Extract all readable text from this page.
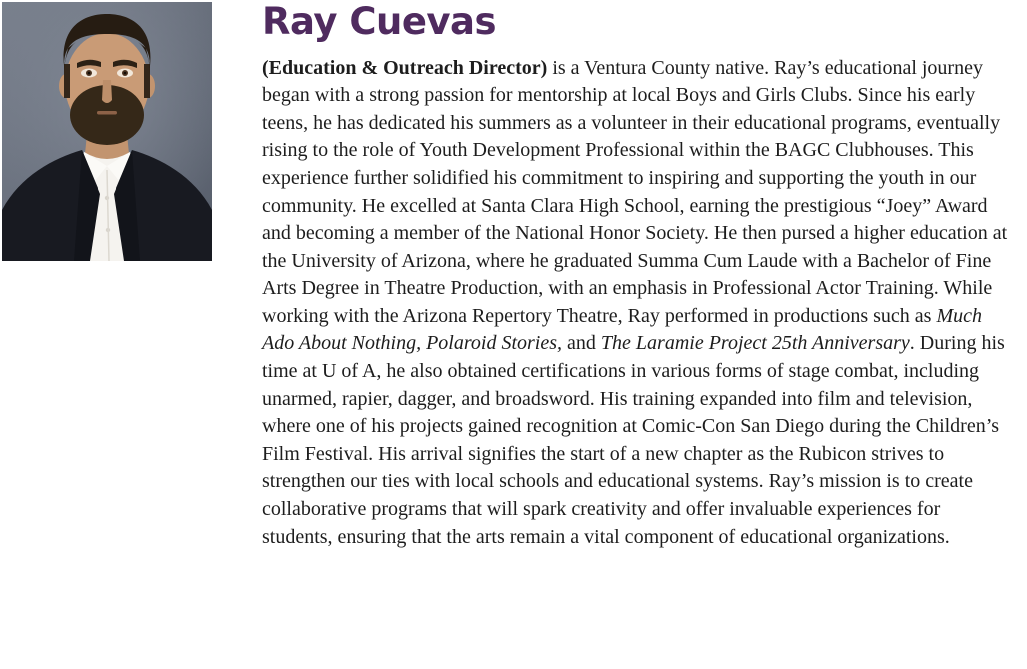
Ray Cuevas

(Education & Outreach Director) is a Ventura County native. Ray’s educational journey began with a strong passion for mentorship at local Boys and Girls Clubs. Since his early teens, he has dedicated his summers as a volunteer in their educational programs, eventually rising to the role of Youth Development Professional within the BAGC Clubhouses. This experience further solidified his commitment to inspiring and supporting the youth in our community. He excelled at Santa Clara High School, earning the prestigious “Joey” Award and becoming a member of the National Honor Society. He then pursed a higher education at the University of Arizona, where he graduated Summa Cum Laude with a Bachelor of Fine Arts Degree in Theatre Production, with an emphasis in Professional Actor Training. While working with the Arizona Repertory Theatre, Ray performed in productions such as Much Ado About Nothing, Polaroid Stories, and The Laramie Project 25th Anniversary. During his time at U of A, he also obtained certifications in various forms of stage combat, including unarmed, rapier, dagger, and broadsword. His training expanded into film and television, where one of his projects gained recognition at Comic-Con San Diego during the Children’s Film Festival. His arrival signifies the start of a new chapter as the Rubicon strives to strengthen our ties with local schools and educational systems. Ray’s mission is to create collaborative programs that will spark creativity and offer invaluable experiences for students, ensuring that the arts remain a vital component of educational organizations.
